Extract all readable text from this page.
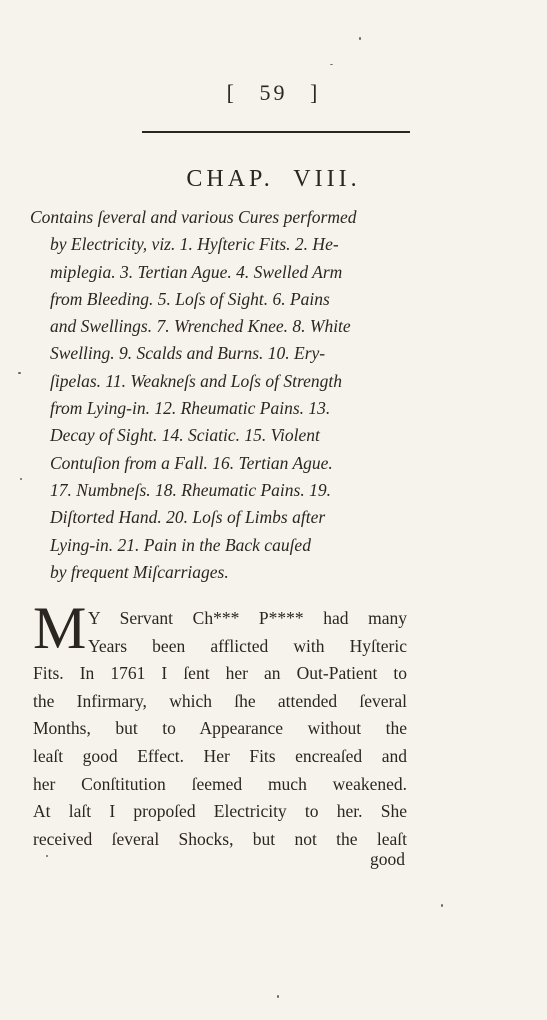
[ 59 ]
CHAP. VIII.
Contains ſeveral and various Cures performed
by Electricity, viz. 1. Hyſteric Fits. 2. He-
miplegia. 3. Tertian Ague. 4. Swelled Arm
from Bleeding. 5. Loſs of Sight. 6. Pains
and Swellings. 7. Wrenched Knee. 8. White
Swelling. 9. Scalds and Burns. 10. Ery-
ſipelas. 11. Weakneſs and Loſs of Strength
from Lying-in. 12. Rheumatic Pains. 13.
Decay of Sight. 14. Sciatic. 15. Violent
Contuſion from a Fall. 16. Tertian Ague.
17. Numbneſs. 18. Rheumatic Pains. 19.
Diſtorted Hand. 20. Loſs of Limbs after
Lying-in. 21. Pain in the Back cauſed
by frequent Miſcarriages.
M Y Servant Ch*** P**** had many
Years been afflicted with Hyſteric
Fits. In 1761 I ſent her an Out-Patient to
the Infirmary, which ſhe attended ſeveral
Months, but to Appearance without the
leaſt good Effect. Her Fits encreaſed and
her Conſtitution ſeemed much weakened.
At laſt I propoſed Electricity to her. She
received ſeveral Shocks, but not the leaſt
good
